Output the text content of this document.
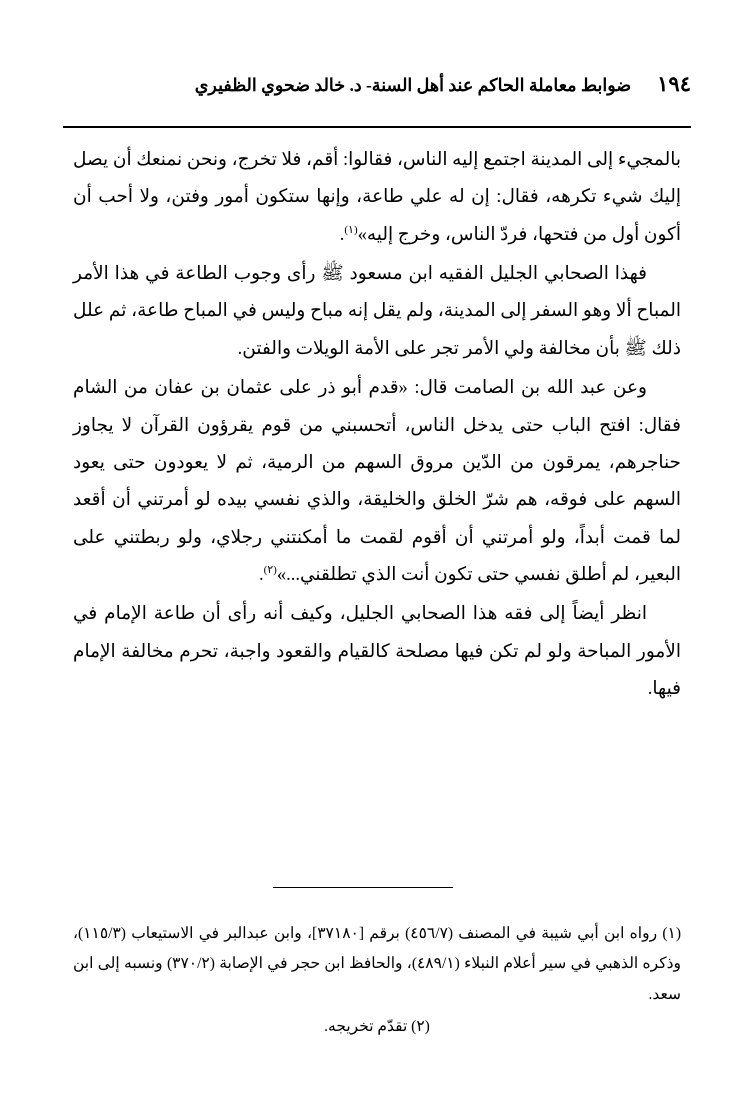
١٩٤
ضوابط معاملة الحاكم عند أهل السنة- د. خالد ضحوي الظفيري

بالمجيء إلى المدينة اجتمع إليه الناس، فقالوا: أقم، فلا تخرج، ونحن نمنعك أن يصل إليك شيء تكرهه، فقال: إن له علي طاعة، وإنها ستكون أمور وفتن، ولا أحب أن أكون أول من فتحها، فردّ الناس، وخرج إليه»$^{(١)}$.

فهذا الصحابي الجليل الفقيه ابن مسعود ﷺ رأى وجوب الطاعة في هذا الأمر المباح ألا وهو السفر إلى المدينة، ولم يقل إنه مباح وليس في المباح طاعة، ثم علل ذلك ﷺ بأن مخالفة ولي الأمر تجر على الأمة الويلات والفتن.

وعن عبد الله بن الصامت قال: «قدم أبو ذر على عثمان بن عفان من الشام فقال: افتح الباب حتى يدخل الناس، أتحسبني من قوم يقرؤون القرآن لا يجاوز حناجرهم، يمرقون من الدّين مروق السهم من الرمية، ثم لا يعودون حتى يعود السهم على فوقه، هم شرّ الخلق والخليقة، والذي نفسي بيده لو أمرتني أن أقعد لما قمت أبداً، ولو أمرتني أن أقوم لقمت ما أمكنتني رجلاي، ولو ربطتني على البعير، لم أطلق نفسي حتى تكون أنت الذي تطلقني...»$^{(٢)}$.

انظر أيضاً إلى فقه هذا الصحابي الجليل، وكيف أنه رأى أن طاعة الإمام في الأمور المباحة ولو لم تكن فيها مصلحة كالقيام والقعود واجبة، تحرم مخالفة الإمام فيها.

(١) رواه ابن أبي شيبة في المصنف (٤٥٦/٧) برقم [٣٧١٨٠]، وابن عبدالبر في الاستيعاب (١١٥/٣)، وذكره الذهبي في سير أعلام النبلاء (٤٨٩/١)، والحافظ ابن حجر في الإصابة (٣٧٠/٢) ونسبه إلى ابن سعد.

(٢) تقدّم تخريجه.
